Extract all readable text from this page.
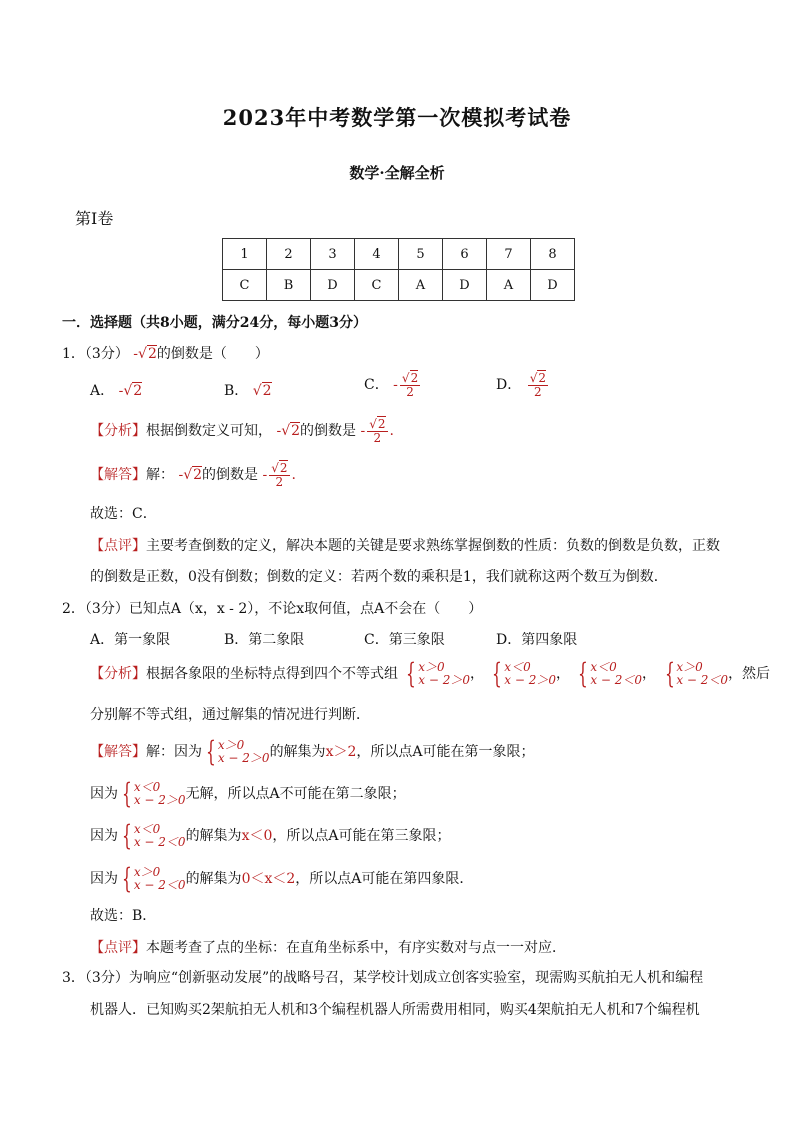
2023年中考数学第一次模拟考试卷
数学·全解全析
第Ⅰ卷
1	2	3	4	5	6	7	8
C	B	D	C	A	D	A	D
一．选择题（共8小题，满分24分，每小题3分）
1．（3分） -√2的倒数是（　　）
A． -√2	B． √2	C． - $\frac{√2}{2}$	D． $\frac{√2}{2}$
【分析】根据倒数定义可知， -√2的倒数是 - $\frac{√2}{2}$ .
【解答】解： -√2的倒数是 - $\frac{√2}{2}$ .
故选：C．
【点评】主要考查倒数的定义，解决本题的关键是要求熟练掌握倒数的性质：负数的倒数是负数，正数
的倒数是正数，0没有倒数；倒数的定义：若两个数的乘积是1，我们就称这两个数互为倒数．
2．（3分）已知点A（x，x - 2），不论x取何值，点A不会在（　　）
A．第一象限	B．第二象限	C．第三象限	D．第四象限
【分析】根据各象限的坐标特点得到四个不等式组 { x＞0
x − 2＞0 ， { x＜0
x − 2＞0 ， { x＜0
x − 2＜0 ， { x＞0
x − 2＜0 ，然后
分别解不等式组，通过解集的情况进行判断．
【解答】解：因为 { x＞0
x − 2＞0 的解集为x＞2，所以点A可能在第一象限；
因为 { x＜0
x − 2＞0 无解，所以点A不可能在第二象限；
因为 { x＜0
x − 2＜0 的解集为x＜0，所以点A可能在第三象限；
因为 { x＞0
x − 2＜0 的解集为0＜x＜2，所以点A可能在第四象限．
故选：B．
【点评】本题考查了点的坐标：在直角坐标系中，有序实数对与点一一对应．
3．（3分）为响应“创新驱动发展”的战略号召，某学校计划成立创客实验室，现需购买航拍无人机和编程
机器人．已知购买2架航拍无人机和3个编程机器人所需费用相同，购买4架航拍无人机和7个编程机
